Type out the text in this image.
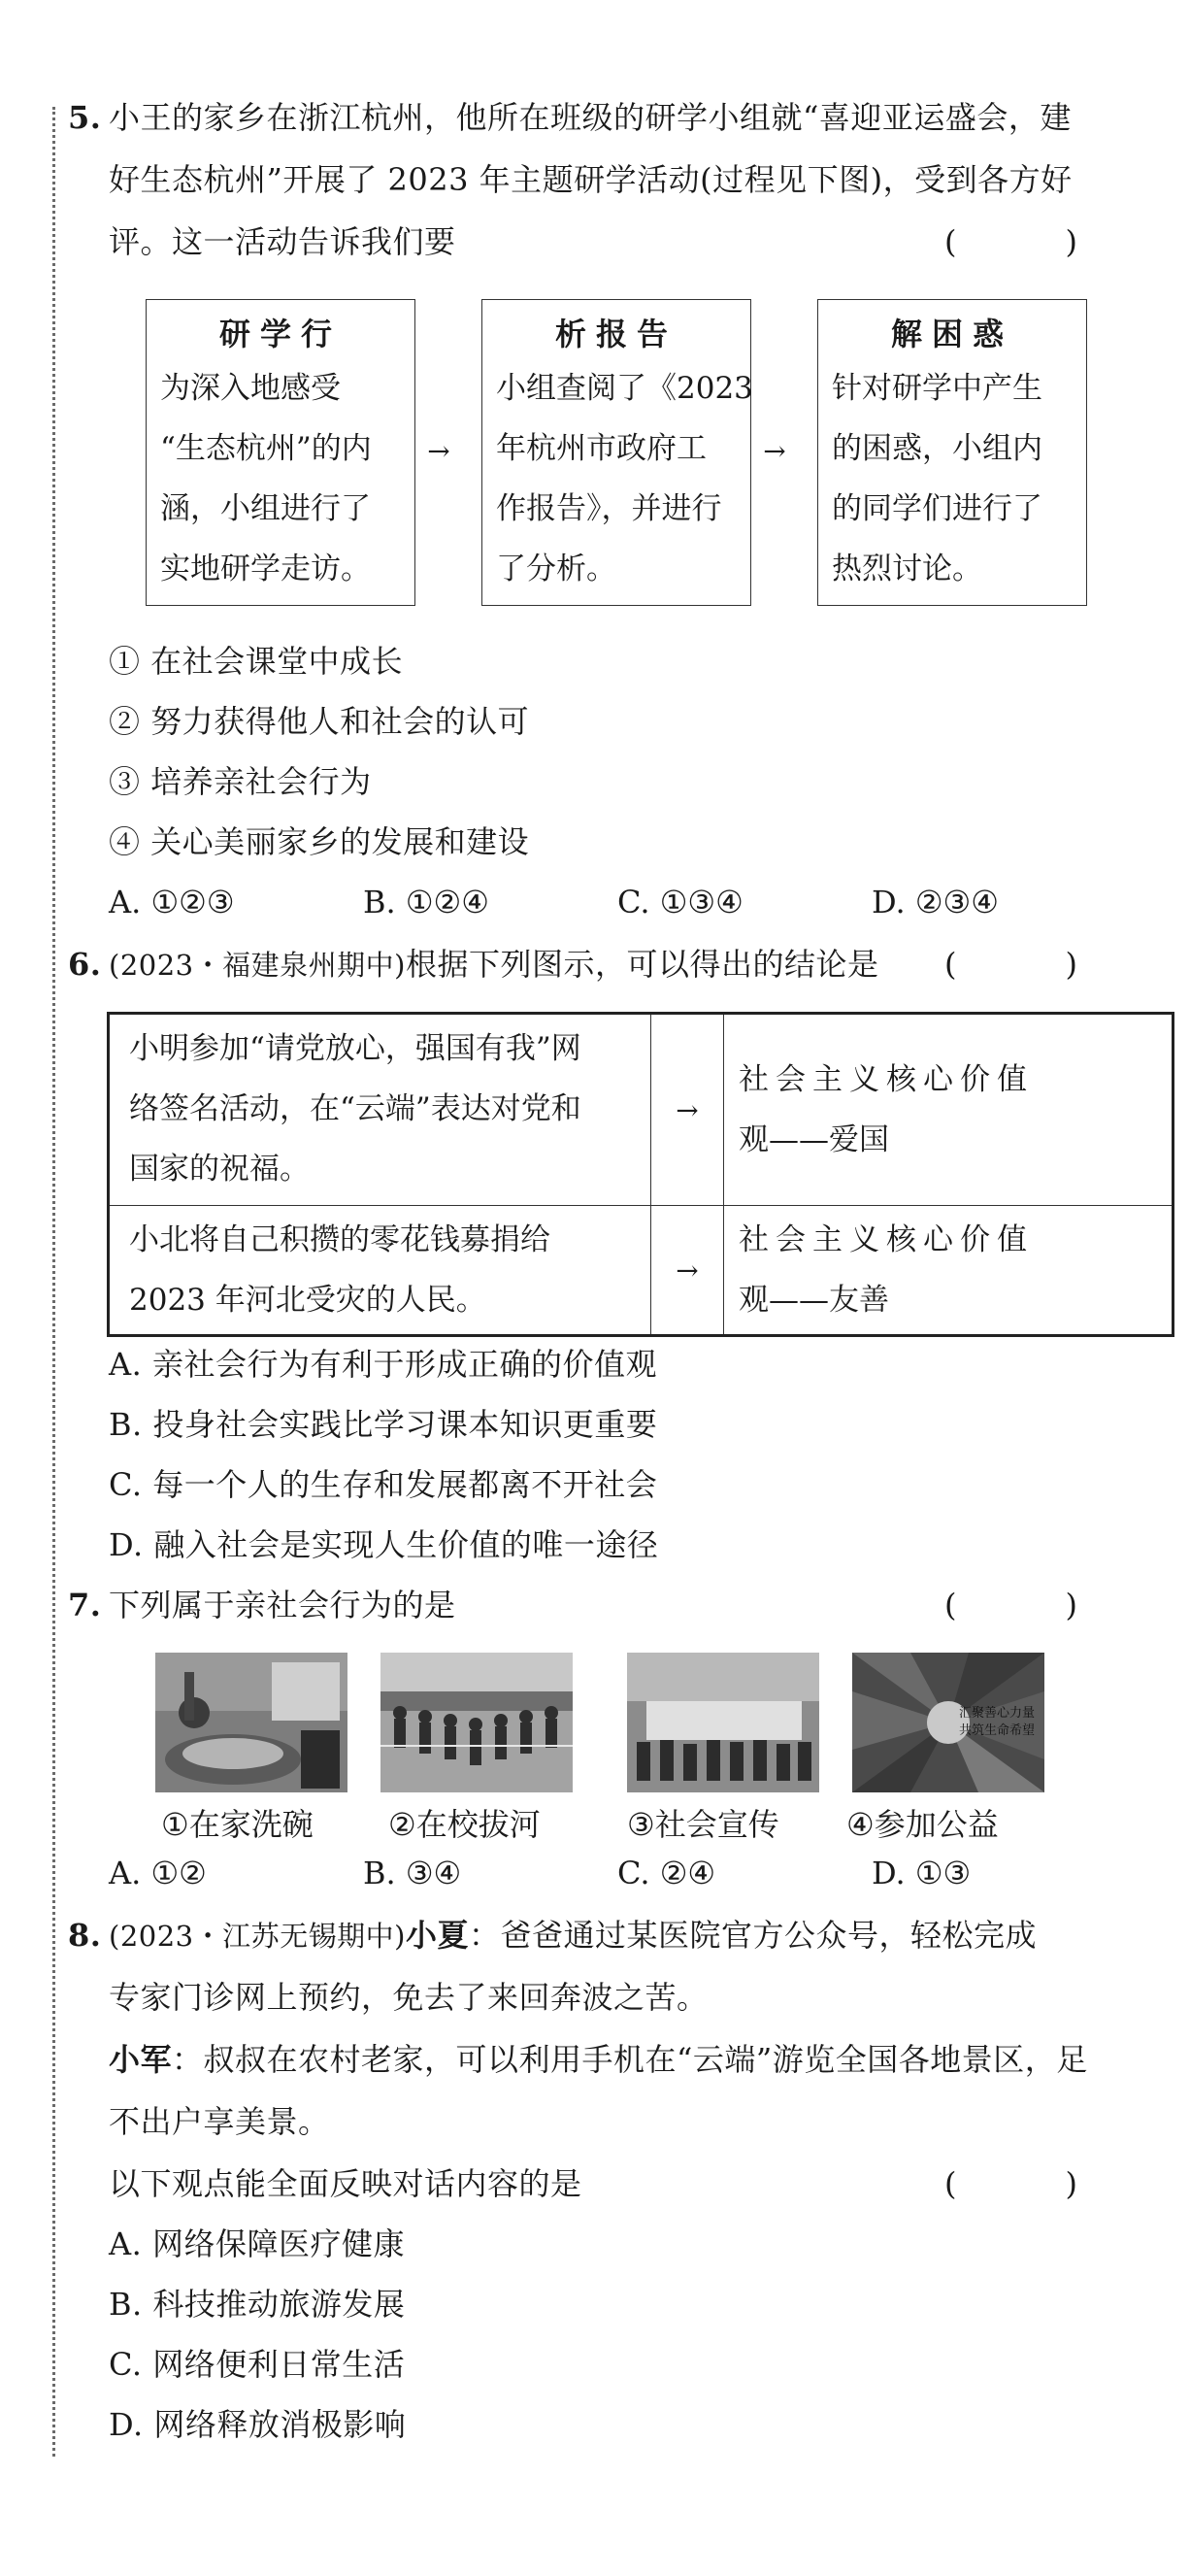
5. 小王的家乡在浙江杭州，他所在班级的研学小组就“喜迎亚运盛会，建
好生态杭州”开展了 2023 年主题研学活动(过程见下图)，受到各方好
评。这一活动告诉我们要	(　)
研学行
为深入地感受
“生态杭州”的内
涵，小组进行了
实地研学走访。
→
析报告
小组查阅了《2023
年杭州市政府工
作报告》，并进行
了分析。
→
解困惑
针对研学中产生
的困惑，小组内
的同学们进行了
热烈讨论。
① 在社会课堂中成长
② 努力获得他人和社会的认可
③ 培养亲社会行为
④ 关心美丽家乡的发展和建设
A. ①②③	B. ①②④	C. ①③④	D. ②③④
6. (2023・福建泉州期中)根据下列图示，可以得出的结论是 (　)
小明参加“请党放心，强国有我”网
络签名活动，在“云端”表达对党和
国家的祝福。
→
社会主义核心价值
观——爱国
小北将自己积攒的零花钱募捐给
2023 年河北受灾的人民。
→
社会主义核心价值
观——友善
A. 亲社会行为有利于形成正确的价值观
B. 投身社会实践比学习课本知识更重要
C. 每一个人的生存和发展都离不开社会
D. 融入社会是实现人生价值的唯一途径
7. 下列属于亲社会行为的是	(　)
汇聚善心力量
共筑生命希望
①在家洗碗 ②在校拔河	③社会宣传 ④参加公益
A. ①②	B. ③④	C. ②④	D. ①③
8. (2023・江苏无锡期中)小夏：爸爸通过某医院官方公众号，轻松完成
专家门诊网上预约，免去了来回奔波之苦。
小军：叔叔在农村老家，可以利用手机在“云端”游览全国各地景区，足
不出户享美景。
以下观点能全面反映对话内容的是	(　)
A. 网络保障医疗健康
B. 科技推动旅游发展
C. 网络便利日常生活
D. 网络释放消极影响
